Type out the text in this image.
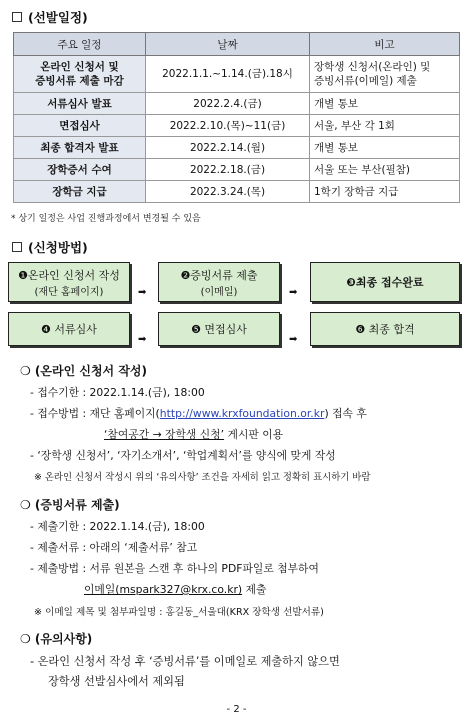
(선발일정)
주요 일정	날짜	비고
온라인 신청서 및
증빙서류 제출 마감	2022.1.1.~1.14.(금).18시	장학생 신청서(온라인) 및
증빙서류(이메일) 제출
서류심사 발표	2022.2.4.(금)	개별 통보
면접심사	2022.2.10.(목)~11(금)	서울, 부산 각 1회
최종 합격자 발표	2022.2.14.(월)	개별 통보
장학증서 수여	2022.2.18.(금)	서울 또는 부산(필참)
장학금 지급	2022.3.24.(목)	1학기 장학금 지급
* 상기 일정은 사업 진행과정에서 변경될 수 있음
(신청방법)
❶온라인 신청서 작성
(재단 홈페이지)	➡
❷증빙서류 제출
(이메일)	➡
❸최종 접수완료
❹ 서류심사
➡
❺ 면접심사
➡
❻ 최종 합격
❍ (온라인 신청서 작성)
- 접수기한 : 2022.1.14.(금), 18:00
- 접수방법 : 재단 홈페이지(http://www.krxfoundation.or.kr) 접속 후
‘참여공간 → 장학생 신청’ 게시판 이용
- ‘장학생 신청서’, ‘자기소개서’, ‘학업계획서’를 양식에 맞게 작성
※ 온라인 신청서 작성시 위의 ‘유의사항’ 조건을 자세히 읽고 정확히 표시하기 바람
❍ (증빙서류 제출)
- 제출기한 : 2022.1.14.(금), 18:00
- 제출서류 : 아래의 ‘제출서류’ 참고
- 제출방법 : 서류 원본을 스캔 후 하나의 PDF파일로 첨부하여
이메일(mspark327@krx.co.kr) 제출
※ 이메일 제목 및 첨부파일명 : 홍길동_서울대(KRX 장학생 선발서류)
❍ (유의사항)
- 온라인 신청서 작성 후 ‘증빙서류’를 이메일로 제출하지 않으면
장학생 선발심사에서 제외됨
- 2 -
